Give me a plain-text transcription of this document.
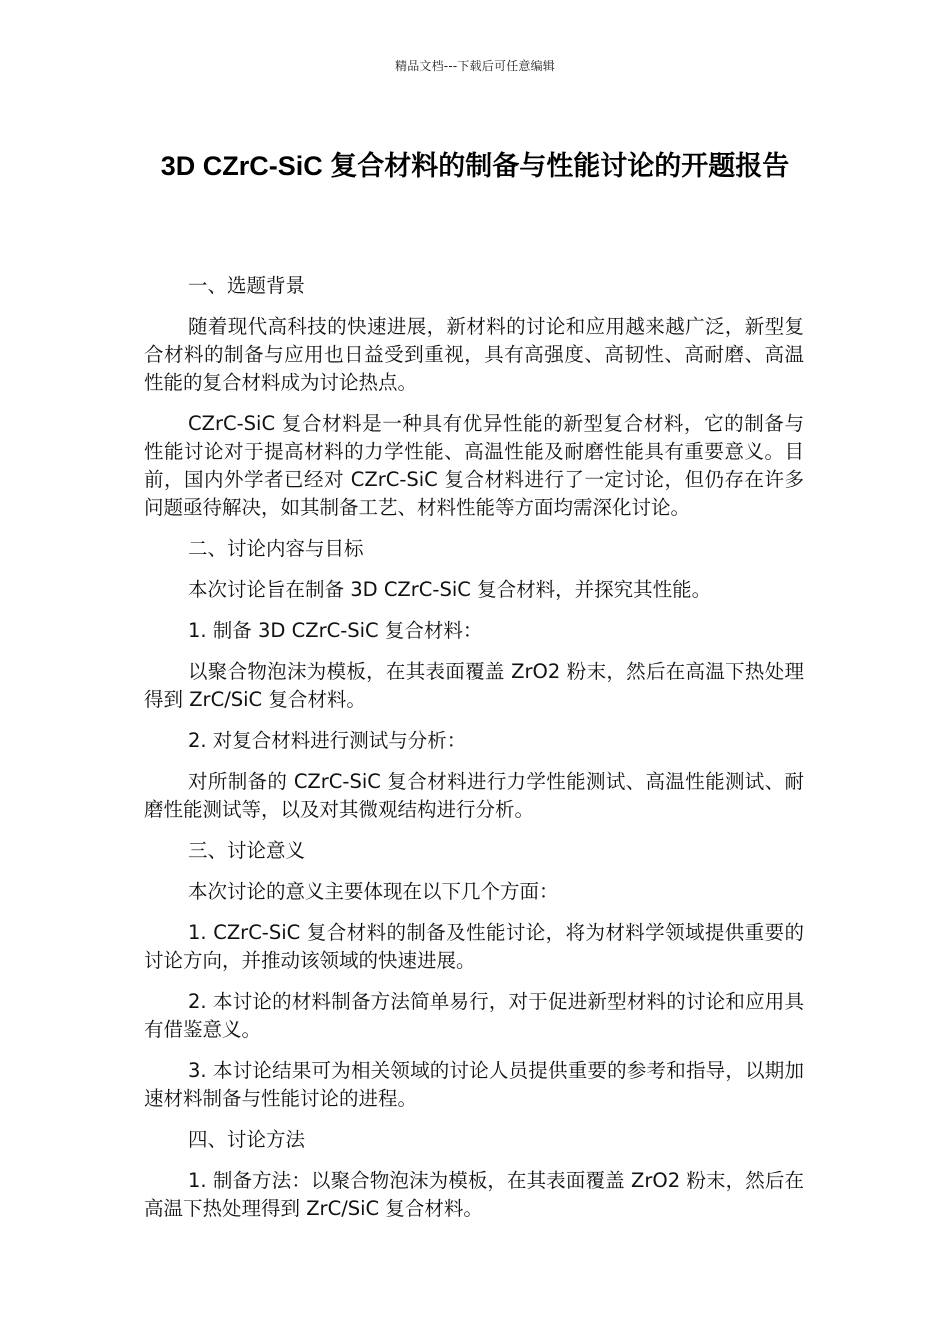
精品文档---下载后可任意编辑
3D CZrC-SiC 复合材料的制备与性能讨论的开题报告

一、选题背景

随着现代高科技的快速进展，新材料的讨论和应用越来越广泛，新型复合材料的制备与应用也日益受到重视，具有高强度、高韧性、高耐磨、高温性能的复合材料成为讨论热点。

CZrC-SiC 复合材料是一种具有优异性能的新型复合材料，它的制备与性能讨论对于提高材料的力学性能、高温性能及耐磨性能具有重要意义。目前，国内外学者已经对 CZrC-SiC 复合材料进行了一定讨论，但仍存在许多问题亟待解决，如其制备工艺、材料性能等方面均需深化讨论。

二、讨论内容与目标

本次讨论旨在制备 3D CZrC-SiC 复合材料，并探究其性能。

1. 制备 3D CZrC-SiC 复合材料：

以聚合物泡沫为模板，在其表面覆盖 ZrO2 粉末，然后在高温下热处理得到 ZrC/SiC 复合材料。

2. 对复合材料进行测试与分析：

对所制备的 CZrC-SiC 复合材料进行力学性能测试、高温性能测试、耐磨性能测试等，以及对其微观结构进行分析。

三、讨论意义

本次讨论的意义主要体现在以下几个方面：

1. CZrC-SiC 复合材料的制备及性能讨论，将为材料学领域提供重要的讨论方向，并推动该领域的快速进展。

2. 本讨论的材料制备方法简单易行，对于促进新型材料的讨论和应用具有借鉴意义。

3. 本讨论结果可为相关领域的讨论人员提供重要的参考和指导，以期加速材料制备与性能讨论的进程。

四、讨论方法

1. 制备方法：以聚合物泡沫为模板，在其表面覆盖 ZrO2 粉末，然后在高温下热处理得到 ZrC/SiC 复合材料。
